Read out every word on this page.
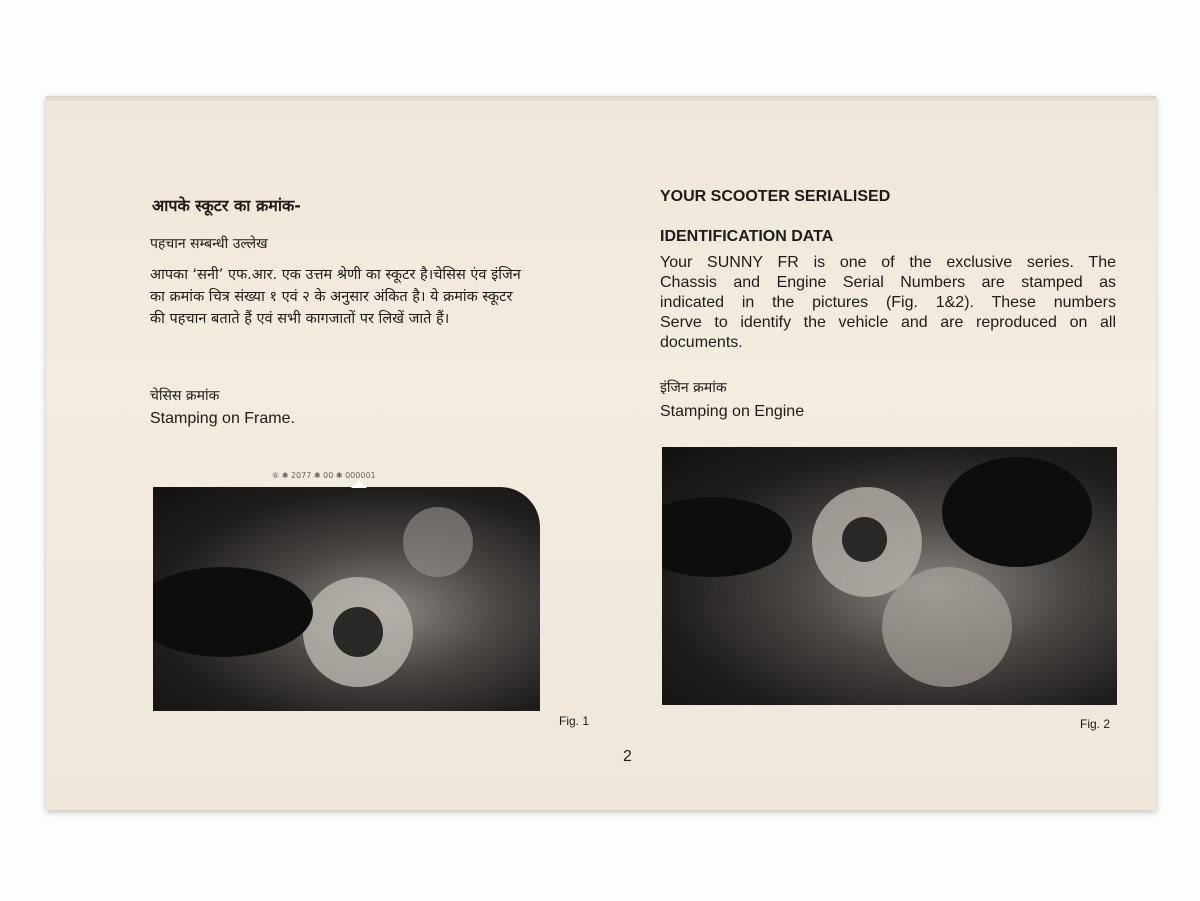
आपके स्कूटर का क्रमांक-
पहचान सम्बन्धी उल्लेख
आपका ‘सनी’ एफ.आर. एक उत्तम श्रेणी का स्कूटर है।चेसिस एंव इंजिन
का क्रमांक चित्र संख्या १ एवं २ के अनुसार अंकित है। ये क्रमांक स्कूटर
की पहचान बताते हैं एवं सभी कागजातों पर लिखें जाते हैं।
चेसिस क्रमांक
Stamping on Frame.
⑥ ✱ 2077 ✱ 00 ✱ 000001
Fig. 1
YOUR SCOOTER SERIALISED
IDENTIFICATION DATA
Your SUNNY FR is one of the exclusive series. The
Chassis and Engine Serial Numbers are stamped as
indicated in the pictures (Fig. 1&2). These numbers
Serve to identify the vehicle and are reproduced on all
documents.
इंजिन क्रमांक
Stamping on Engine
Fig. 2
2
